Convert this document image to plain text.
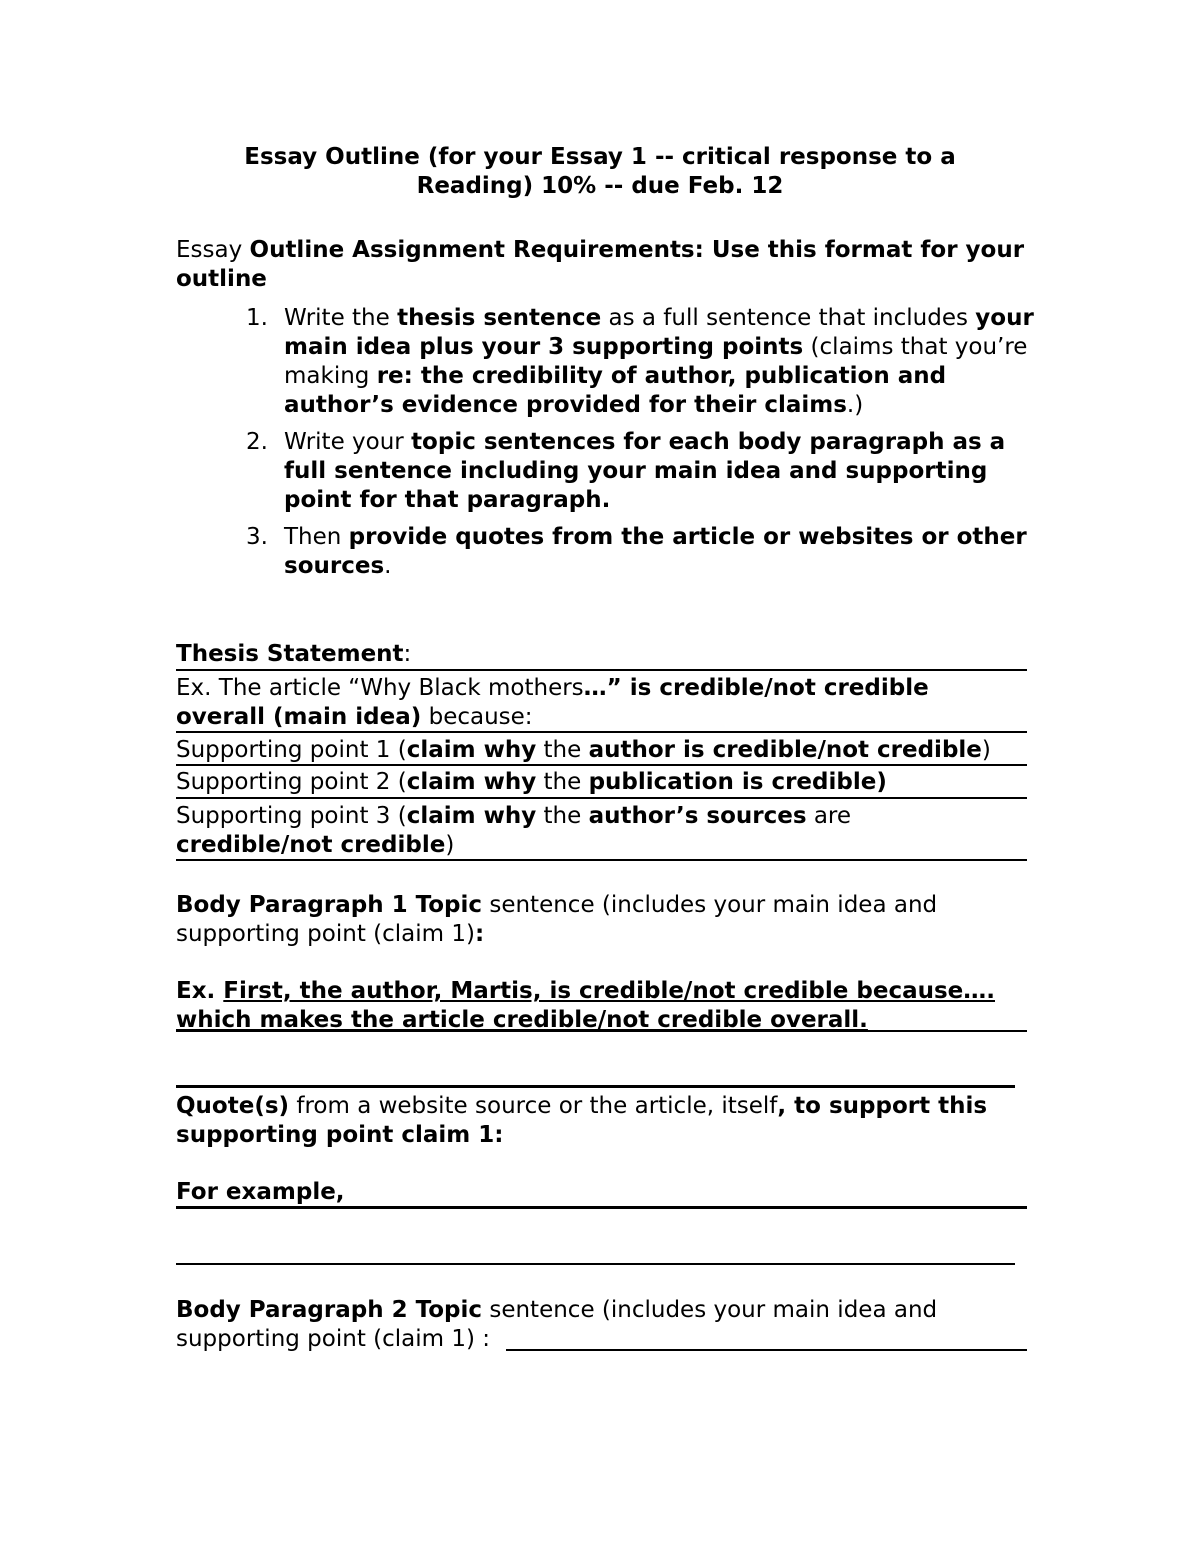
Essay Outline (for your Essay 1 -- critical response to a
Reading) 10% -- due Feb. 12
Essay Outline Assignment Requirements: Use this format for your outline
1. Write the thesis sentence as a full sentence that includes your main idea plus your 3 supporting points (claims that you’re making re: the credibility of author, publication and author’s evidence provided for their claims.)
2. Write your topic sentences for each body paragraph as a full sentence including your main idea and supporting point for that paragraph.
3. Then provide quotes from the article or websites or other sources.
Thesis Statement:
Ex. The article “Why Black mothers…” is credible/not credible overall (main idea) because:
Supporting point 1 (claim why the author is credible/not credible)
Supporting point 2 (claim why the publication is credible)
Supporting point 3 (claim why the author’s sources are credible/not credible)
Body Paragraph 1 Topic sentence (includes your main idea and supporting point (claim 1):
Ex. First, the author, Martis, is credible/not credible because…. which makes the article credible/not credible overall.
Quote(s) from a website source or the article, itself, to support this supporting point claim 1:
For example,
Body Paragraph 2 Topic sentence (includes your main idea and supporting point (claim 1) :
